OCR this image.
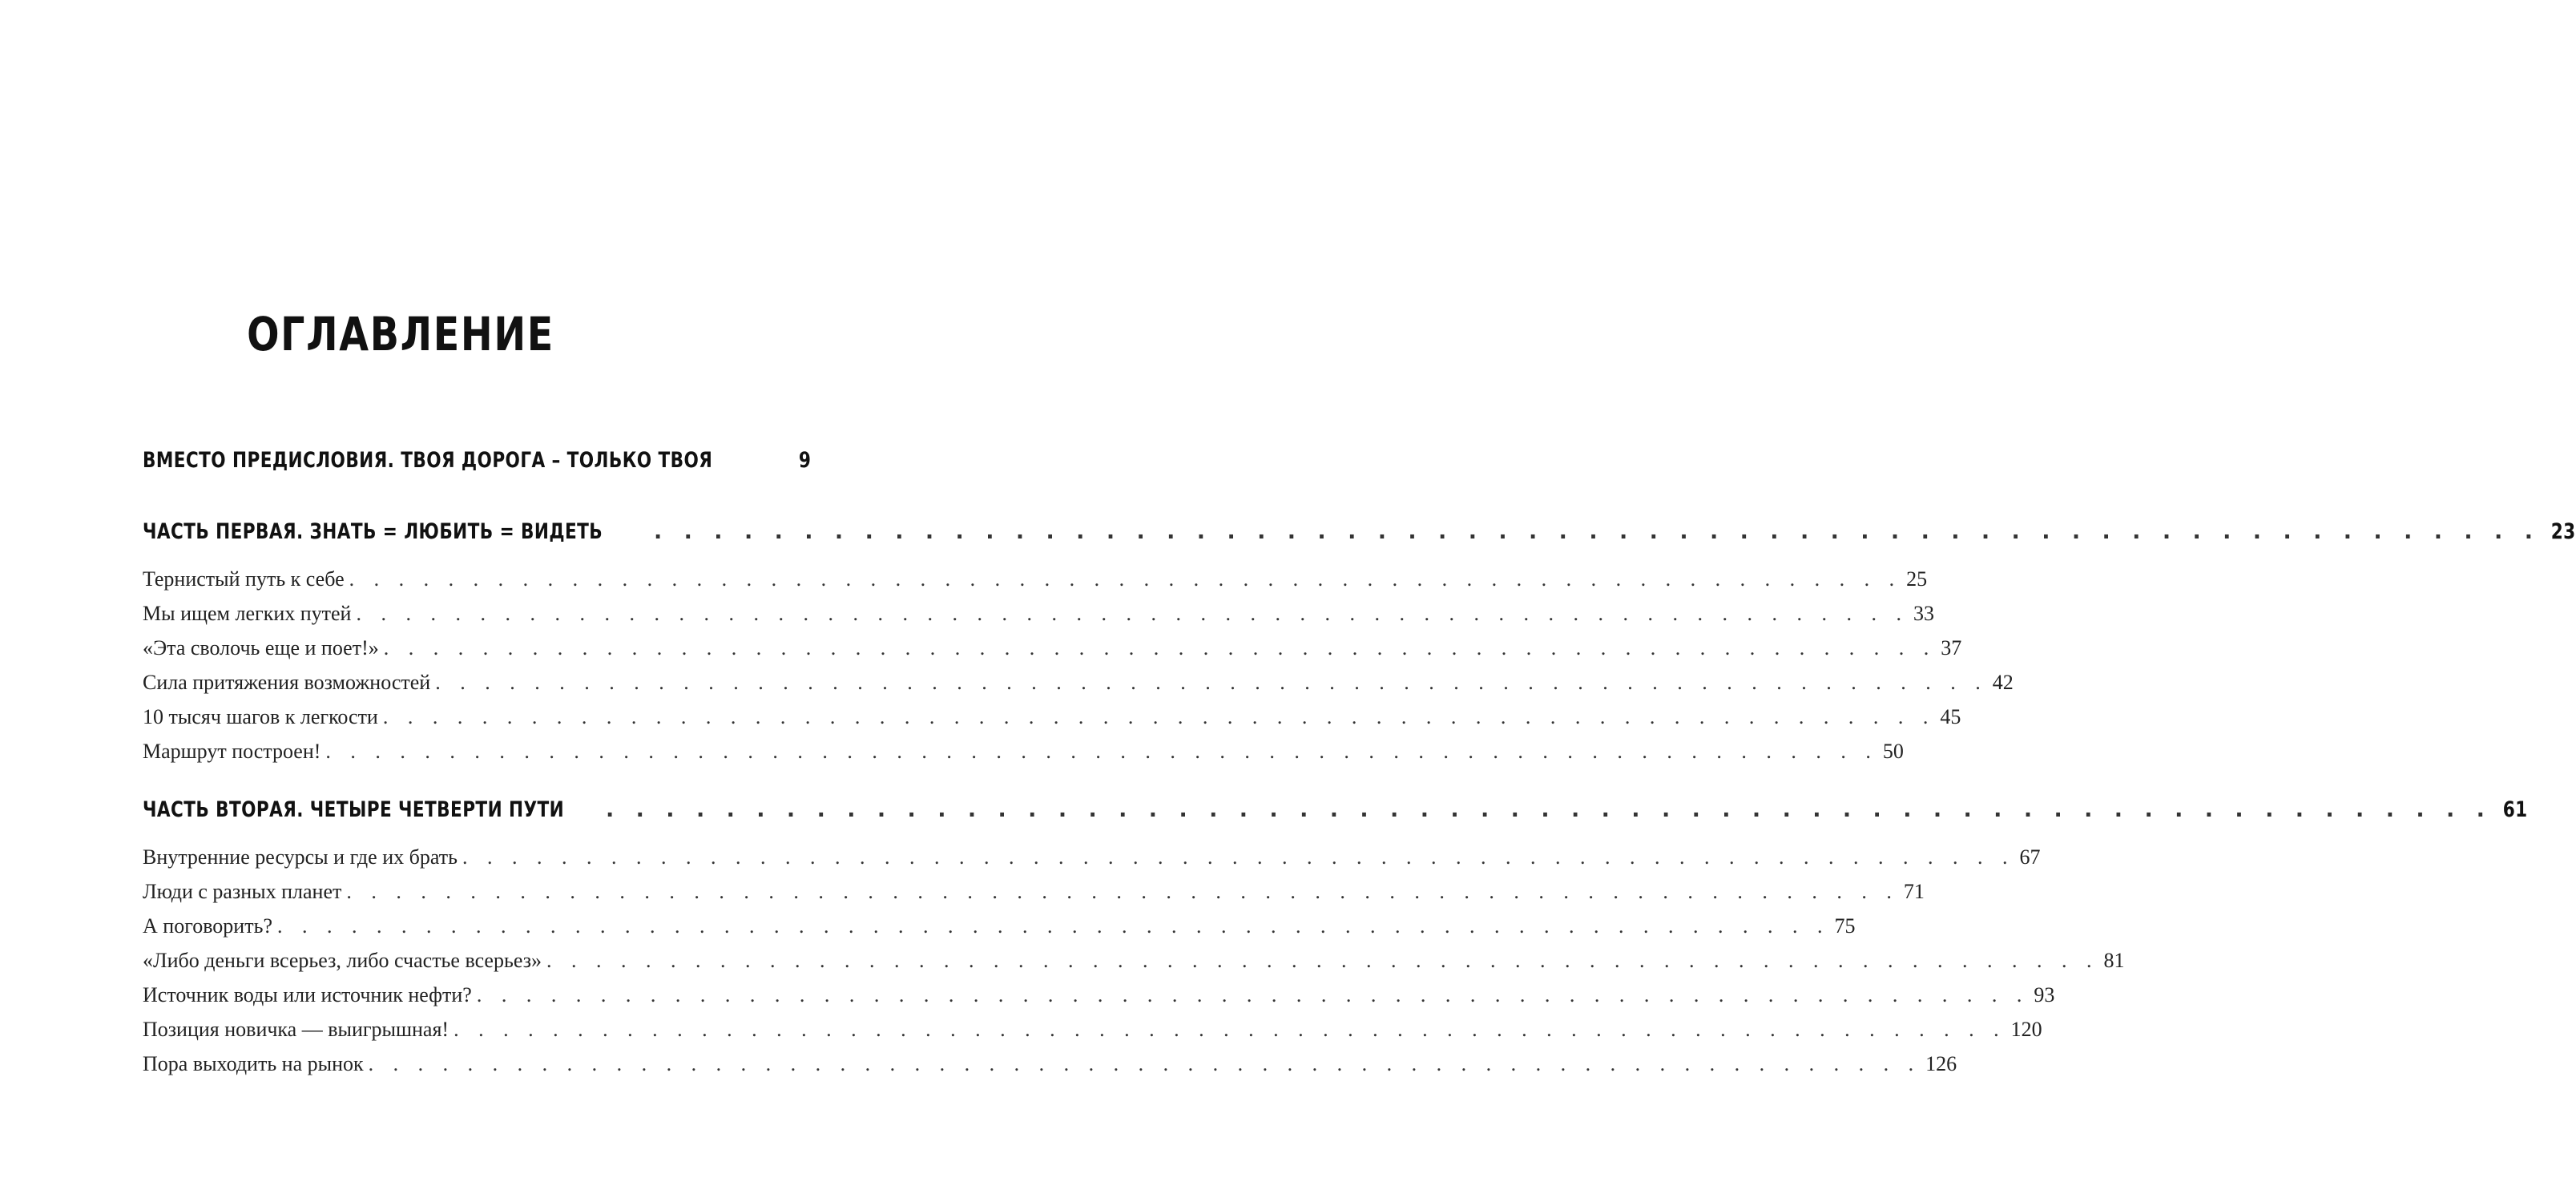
ОГЛАВЛЕНИЕ
ВМЕСТО ПРЕДИСЛОВИЯ. ТВОЯ ДОРОГА – ТОЛЬКО ТВОЯ	9
ЧАСТЬ ПЕРВАЯ. ЗНАТЬ = ЛЮБИТЬ = ВИДЕТЬ . . . . . . . . . . . . . . . . . . . . . . . . . . . . . . . . . . . . . . . . . . . . . . . . . . . . . . . . . . . . . . . 23
Тернистый путь к себе . . . . . . . . . . . . . . . . . . . . . . . . . . . . . . . . . . . . . . . . . . . . . . . . . . . . . . . . . . . . . . . 25
Мы ищем легких путей . . . . . . . . . . . . . . . . . . . . . . . . . . . . . . . . . . . . . . . . . . . . . . . . . . . . . . . . . . . . . . . 33
«Эта сволочь еще и поет!» . . . . . . . . . . . . . . . . . . . . . . . . . . . . . . . . . . . . . . . . . . . . . . . . . . . . . . . . . . . . . . . 37
Сила притяжения возможностей . . . . . . . . . . . . . . . . . . . . . . . . . . . . . . . . . . . . . . . . . . . . . . . . . . . . . . . . . . . . . . . 42
10 тысяч шагов к легкости . . . . . . . . . . . . . . . . . . . . . . . . . . . . . . . . . . . . . . . . . . . . . . . . . . . . . . . . . . . . . . . 45
Маршрут построен! . . . . . . . . . . . . . . . . . . . . . . . . . . . . . . . . . . . . . . . . . . . . . . . . . . . . . . . . . . . . . . . 50
ЧАСТЬ ВТОРАЯ. ЧЕТЫРЕ ЧЕТВЕРТИ ПУТИ . . . . . . . . . . . . . . . . . . . . . . . . . . . . . . . . . . . . . . . . . . . . . . . . . . . . . . . . . . . . . . . 61
Внутренние ресурсы и где их брать . . . . . . . . . . . . . . . . . . . . . . . . . . . . . . . . . . . . . . . . . . . . . . . . . . . . . . . . . . . . . . . 67
Люди с разных планет . . . . . . . . . . . . . . . . . . . . . . . . . . . . . . . . . . . . . . . . . . . . . . . . . . . . . . . . . . . . . . . 71
А поговорить? . . . . . . . . . . . . . . . . . . . . . . . . . . . . . . . . . . . . . . . . . . . . . . . . . . . . . . . . . . . . . . . 75
«Либо деньги всерьез, либо счастье всерьез» . . . . . . . . . . . . . . . . . . . . . . . . . . . . . . . . . . . . . . . . . . . . . . . . . . . . . . . . . . . . . . . 81
Источник воды или источник нефти? . . . . . . . . . . . . . . . . . . . . . . . . . . . . . . . . . . . . . . . . . . . . . . . . . . . . . . . . . . . . . . . 93
Позиция новичка — выигрышная! . . . . . . . . . . . . . . . . . . . . . . . . . . . . . . . . . . . . . . . . . . . . . . . . . . . . . . . . . . . . . . . 120
Пора выходить на рынок . . . . . . . . . . . . . . . . . . . . . . . . . . . . . . . . . . . . . . . . . . . . . . . . . . . . . . . . . . . . . . . 126
